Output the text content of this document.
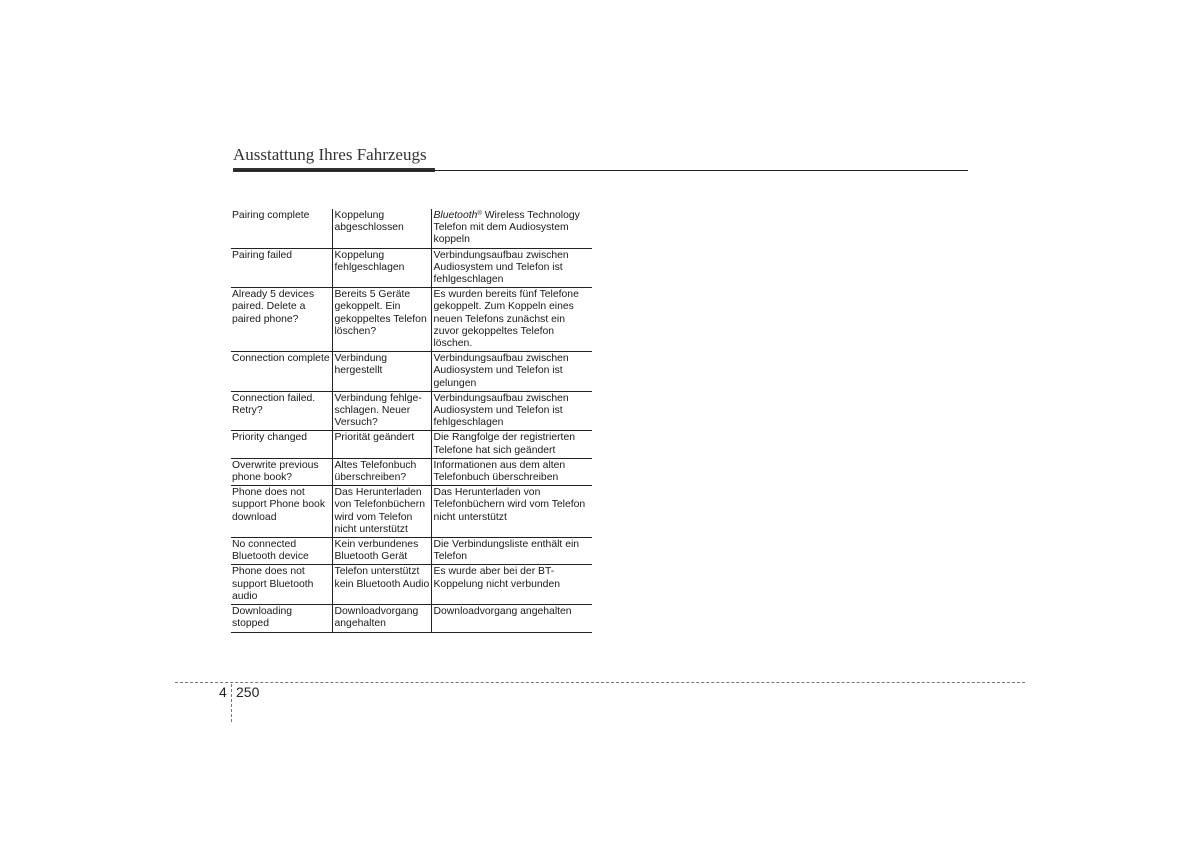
Ausstattung Ihres Fahrzeugs
Pairing complete	Koppelung abgeschlossen	Bluetooth® Wireless Technology Telefon mit dem Audiosystem koppeln
Pairing failed	Koppelung fehlgeschlagen	Verbindungsaufbau zwischen Audiosystem und Telefon ist fehlgeschlagen
Already 5 devices paired. Delete a paired phone?	Bereits 5 Geräte gekoppelt. Ein gekoppeltes Telefon löschen?	Es wurden bereits fünf Telefone gekoppelt. Zum Koppeln eines neuen Telefons zunächst ein zuvor gekoppeltes Telefon löschen.
Connection complete	Verbindung hergestellt	Verbindungsaufbau zwischen Audiosystem und Telefon ist gelungen
Connection failed. Retry?	Verbindung fehlge-schlagen. Neuer Versuch?	Verbindungsaufbau zwischen Audiosystem und Telefon ist fehlgeschlagen
Priority changed	Priorität geändert	Die Rangfolge der registrierten Telefone hat sich geändert
Overwrite previous phone book?	Altes Telefonbuch überschreiben?	Informationen aus dem alten Telefonbuch überschreiben
Phone does not support Phone book download	Das Herunterladen von Telefonbüchern wird vom Telefon nicht unterstützt	Das Herunterladen von Telefonbüchern wird vom Telefon nicht unterstützt
No connected Bluetooth device	Kein verbundenes Bluetooth Gerät	Die Verbindungsliste enthält ein Telefon
Phone does not support Bluetooth audio	Telefon unterstützt kein Bluetooth Audio	Es wurde aber bei der BT-Koppelung nicht verbunden
Downloading stopped	Downloadvorgang angehalten	Downloadvorgang angehalten
4 250
